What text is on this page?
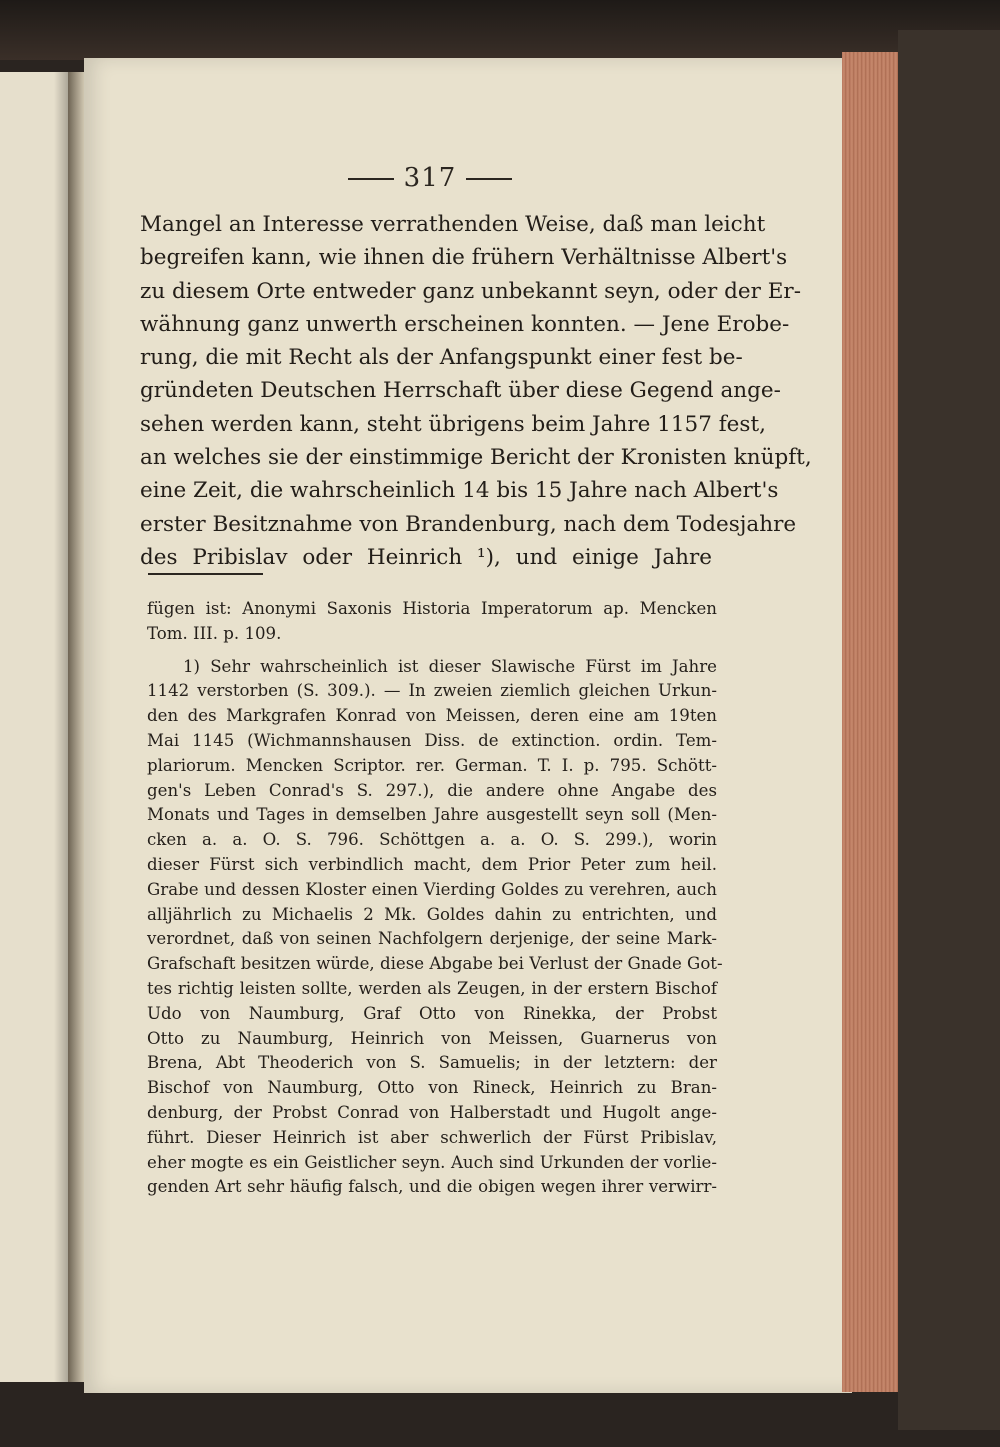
317
Mangel an Interesse verrathenden Weise, daß man leicht
begreifen kann, wie ihnen die frühern Verhältnisse Albert's
zu diesem Orte entweder ganz unbekannt seyn, oder der Er-
wähnung ganz unwerth erscheinen konnten. — Jene Erobe-
rung, die mit Recht als der Anfangspunkt einer fest be-
gründeten Deutschen Herrschaft über diese Gegend ange-
sehen werden kann, steht übrigens beim Jahre 1157 fest,
an welches sie der einstimmige Bericht der Kronisten knüpft,
eine Zeit, die wahrscheinlich 14 bis 15 Jahre nach Albert's
erster Besitznahme von Brandenburg, nach dem Todesjahre
des Pribislav oder Heinrich ¹), und einige Jahre
fügen ist: Anonymi Saxonis Historia Imperatorum ap. Mencken
Tom. III. p. 109.
1) Sehr wahrscheinlich ist dieser Slawische Fürst im Jahre
1142 verstorben (S. 309.). — In zweien ziemlich gleichen Urkun-
den des Markgrafen Konrad von Meissen, deren eine am 19ten
Mai 1145 (Wichmannshausen Diss. de extinction. ordin. Tem-
plariorum. Mencken Scriptor. rer. German. T. I. p. 795. Schött-
gen's Leben Conrad's S. 297.), die andere ohne Angabe des
Monats und Tages in demselben Jahre ausgestellt seyn soll (Men-
cken a. a. O. S. 796. Schöttgen a. a. O. S. 299.), worin
dieser Fürst sich verbindlich macht, dem Prior Peter zum heil.
Grabe und dessen Kloster einen Vierding Goldes zu verehren, auch
alljährlich zu Michaelis 2 Mk. Goldes dahin zu entrichten, und
verordnet, daß von seinen Nachfolgern derjenige, der seine Mark-
Grafschaft besitzen würde, diese Abgabe bei Verlust der Gnade Got-
tes richtig leisten sollte, werden als Zeugen, in der erstern Bischof
Udo von Naumburg, Graf Otto von Rinekka, der Probst
Otto zu Naumburg, Heinrich von Meissen, Guarnerus von
Brena, Abt Theoderich von S. Samuelis; in der letztern: der
Bischof von Naumburg, Otto von Rineck, Heinrich zu Bran-
denburg, der Probst Conrad von Halberstadt und Hugolt ange-
führt. Dieser Heinrich ist aber schwerlich der Fürst Pribislav,
eher mogte es ein Geistlicher seyn. Auch sind Urkunden der vorlie-
genden Art sehr häufig falsch, und die obigen wegen ihrer verwirr-
